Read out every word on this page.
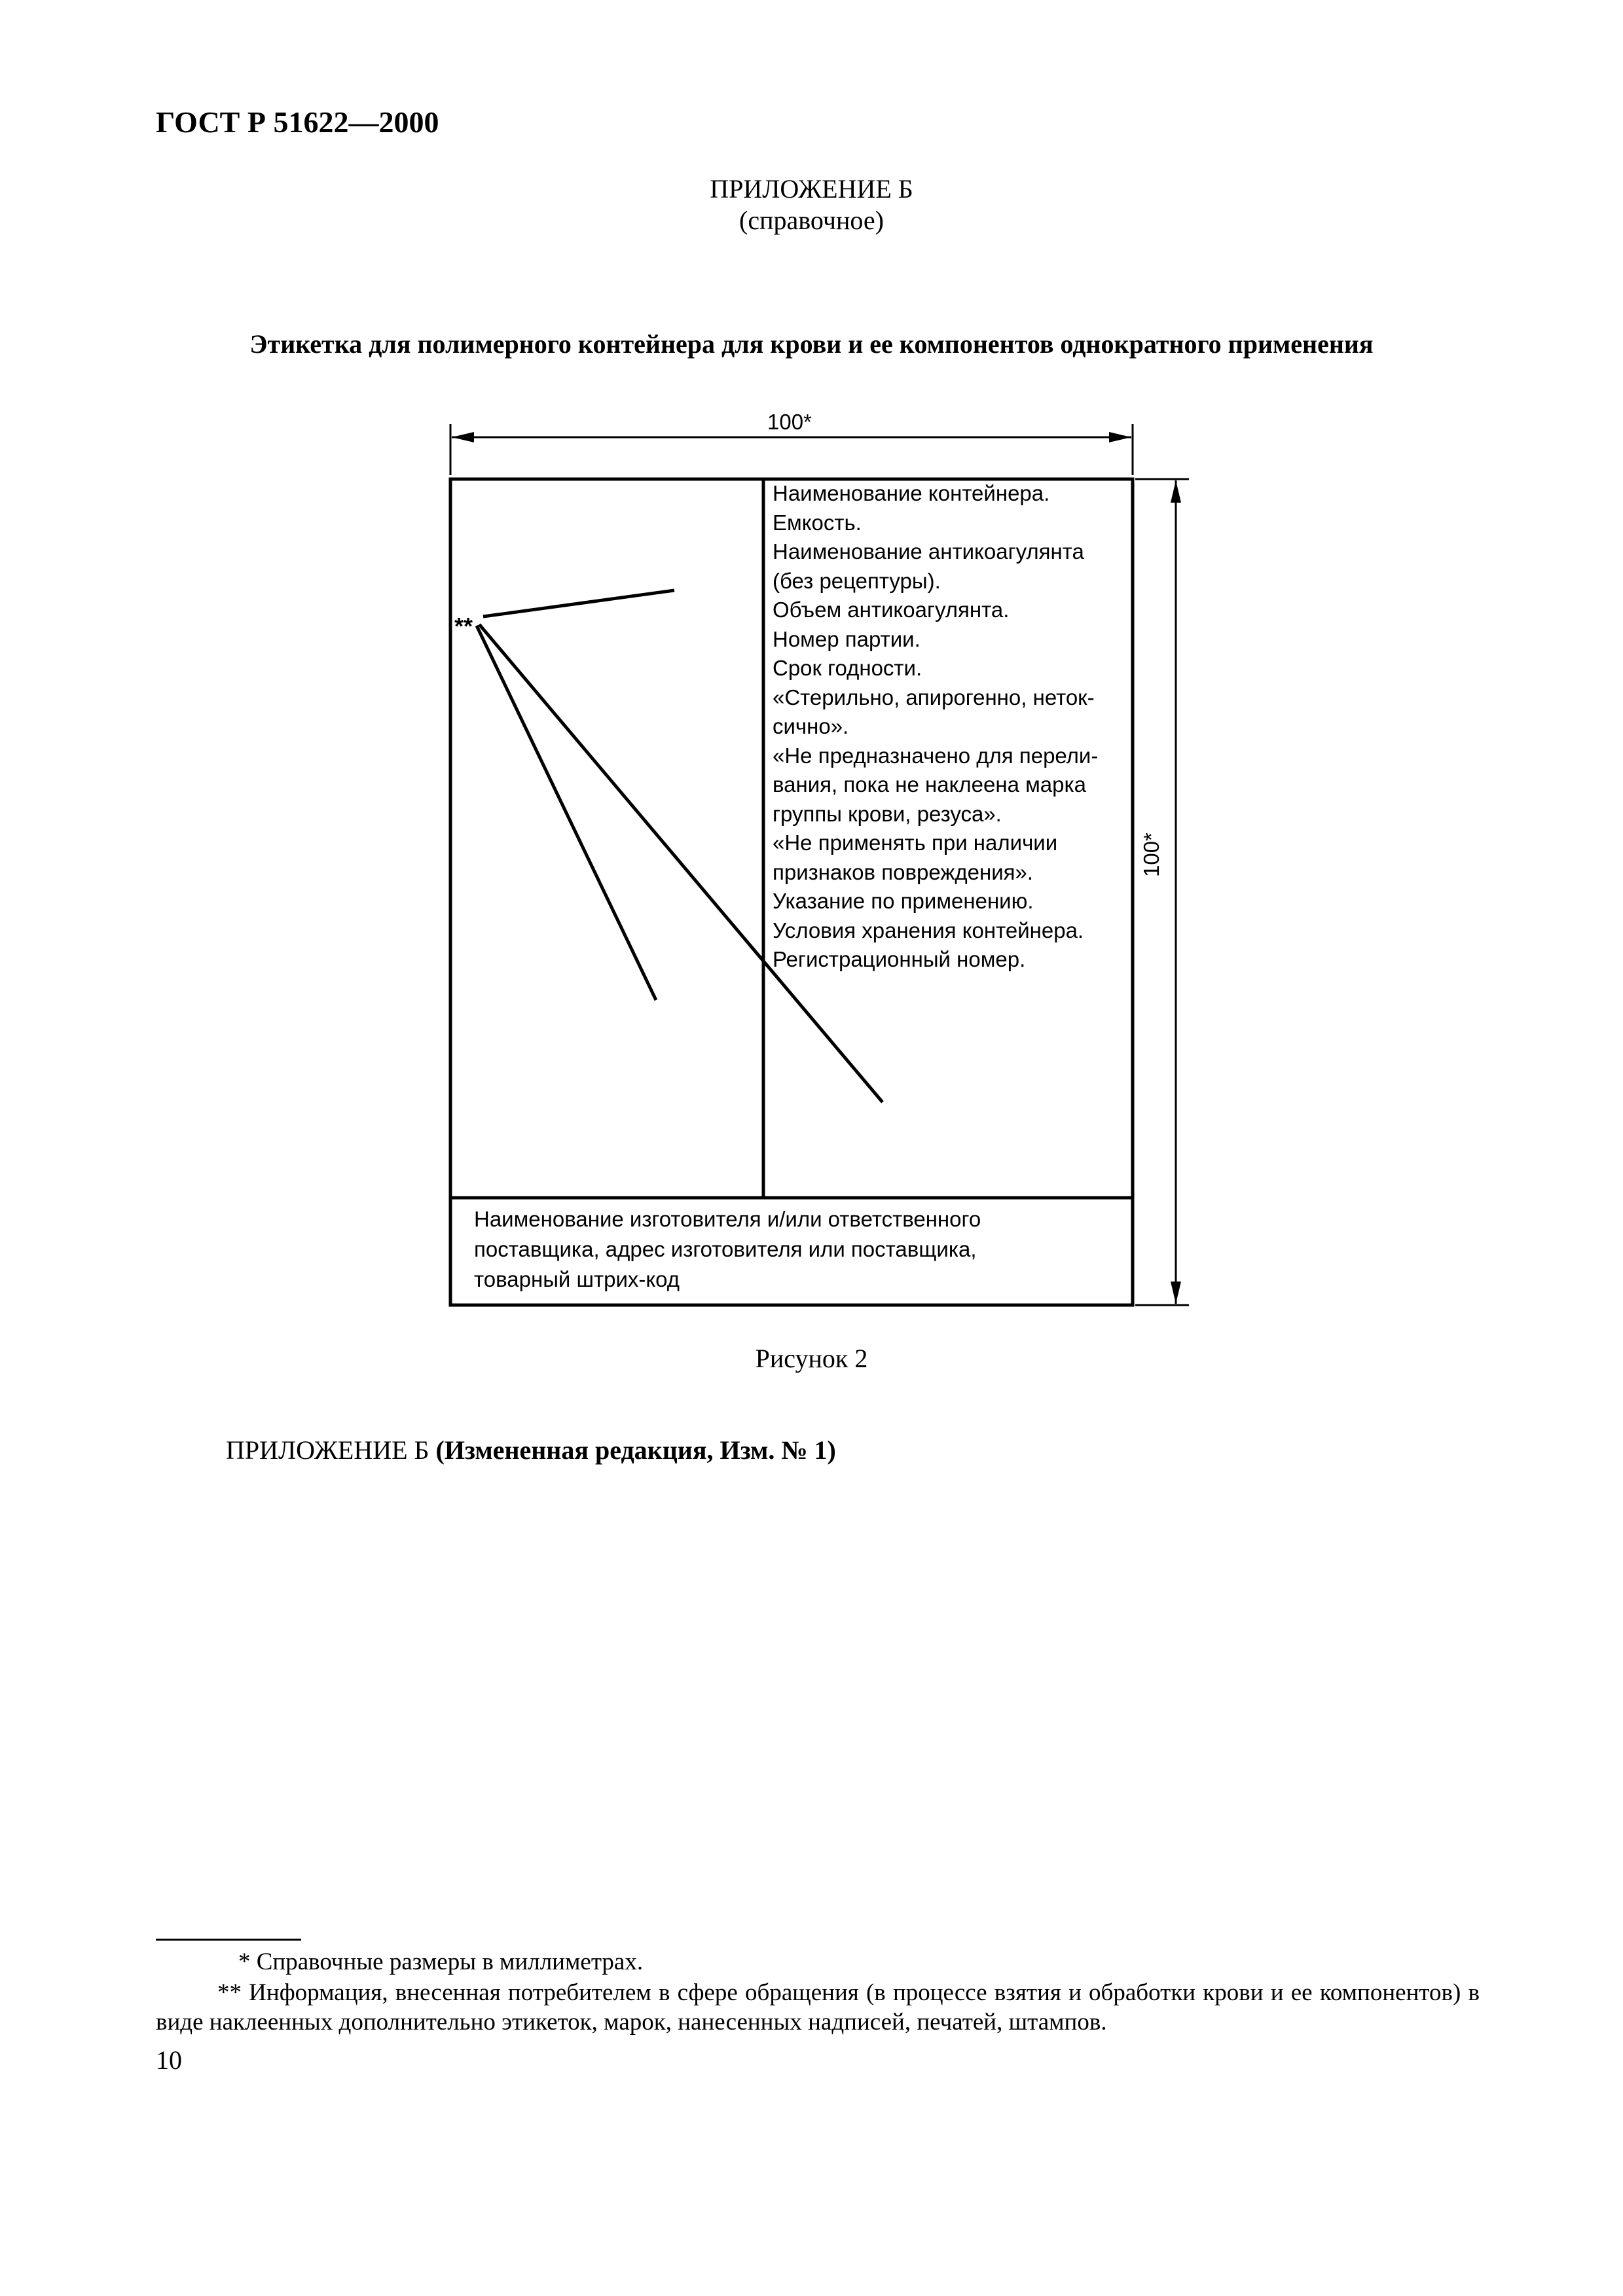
ГОСТ Р 51622—2000
ПРИЛОЖЕНИЕ Б
(справочное)
Этикетка для полимерного контейнера для крови и ее компонентов однократного применения
100*
100*
**
Наименование контейнера.
Емкость.
Наименование антикоагулянта
(без рецептуры).
Объем антикоагулянта.
Номер партии.
Срок годности.
«Стерильно, апирогенно, неток-
сично».
«Не предназначено для перели-
вания, пока не наклеена марка
группы крови, резуса».
«Не применять при наличии
признаков повреждения».
Указание по применению.
Условия хранения контейнера.
Регистрационный номер.
Наименование изготовителя и/или ответственного
поставщика, адрес изготовителя или поставщика,
товарный штрих-код
Рисунок 2
ПРИЛОЖЕНИЕ Б (Измененная редакция, Изм. № 1)
* Справочные размеры в миллиметрах.
** Информация, внесенная потребителем в сфере обращения (в процессе взятия и обработки крови и ее компонентов) в виде наклеенных дополнительно этикеток, марок, нанесенных надписей, печатей, штампов.
10
